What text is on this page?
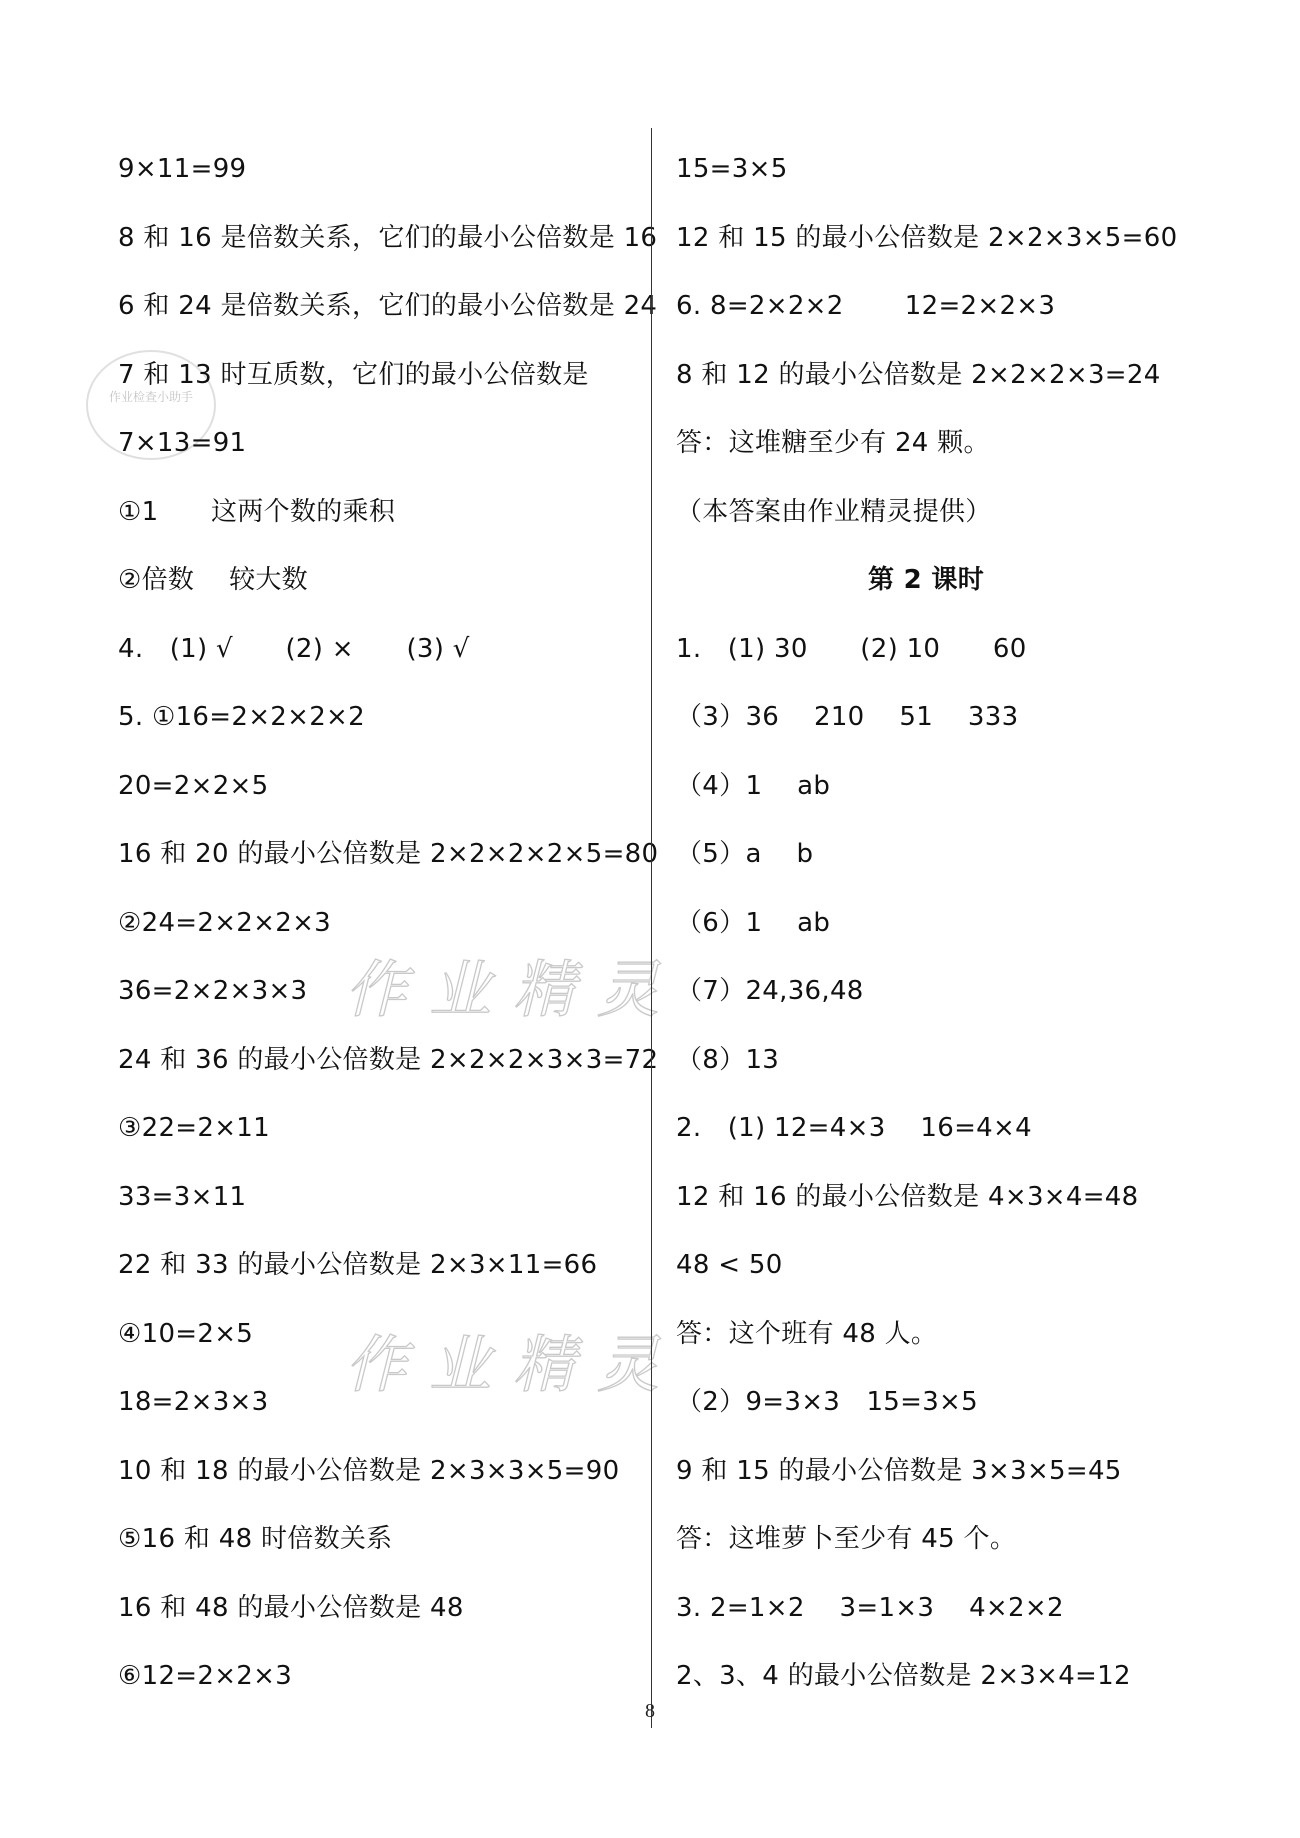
作业检查小助手
作业精灵
作业精灵
9×11=99
8 和 16 是倍数关系，它们的最小公倍数是 16
6 和 24 是倍数关系，它们的最小公倍数是 24
7 和 13 时互质数，它们的最小公倍数是
7×13=91
①1　　这两个数的乘积
②倍数　 较大数
4.　(1) √　　(2) ×　　(3) √
5. ①16=2×2×2×2
20=2×2×5
16 和 20 的最小公倍数是 2×2×2×2×5=80
②24=2×2×2×3
36=2×2×3×3
24 和 36 的最小公倍数是 2×2×2×3×3=72
③22=2×11
33=3×11
22 和 33 的最小公倍数是 2×3×11=66
④10=2×5
18=2×3×3
10 和 18 的最小公倍数是 2×3×3×5=90
⑤16 和 48 时倍数关系
16 和 48 的最小公倍数是 48
⑥12=2×2×3
15=3×5
12 和 15 的最小公倍数是 2×2×3×5=60
6. 8=2×2×2　　 12=2×2×3
8 和 12 的最小公倍数是 2×2×2×3=24
答：这堆糖至少有 24 颗。
（本答案由作业精灵提供）
第 2 课时
1.　(1) 30　　(2) 10　　60
（3）36　 210　 51　 333
（4）1　 ab
（5）a　 b
（6）1　 ab
（7）24,36,48
（8）13
2.　(1) 12=4×3　 16=4×4
12 和 16 的最小公倍数是 4×3×4=48
48 < 50
答：这个班有 48 人。
（2）9=3×3　15=3×5
9 和 15 的最小公倍数是 3×3×5=45
答：这堆萝卜至少有 45 个。
3. 2=1×2　 3=1×3　 4×2×2
2、3、4 的最小公倍数是 2×3×4=12
8
